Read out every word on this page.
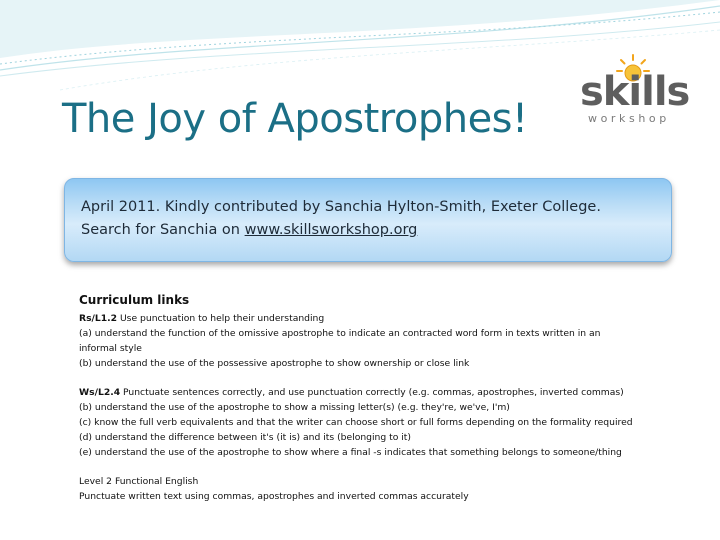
The Joy of Apostrophes!
skills
workshop
April 2011. Kindly contributed by Sanchia Hylton-Smith, Exeter College.
Search for Sanchia on www.skillsworkshop.org
Curriculum links

Rs/L1.2 Use punctuation to help their understanding

(a) understand the function of the omissive apostrophe to indicate an contracted word form in texts written in an

informal style

(b) understand the use of the possessive apostrophe to show ownership or close link

Ws/L2.4 Punctuate sentences correctly, and use punctuation correctly (e.g. commas, apostrophes, inverted commas)

(b) understand the use of the apostrophe to show a missing letter(s) (e.g. they're, we've, I'm)

(c) know the full verb equivalents and that the writer can choose short or full forms depending on the formality required

(d) understand the difference between it's (it is) and its (belonging to it)

(e) understand the use of the apostrophe to show where a final -s indicates that something belongs to someone/thing

Level 2 Functional English

Punctuate written text using commas, apostrophes and inverted commas accurately
